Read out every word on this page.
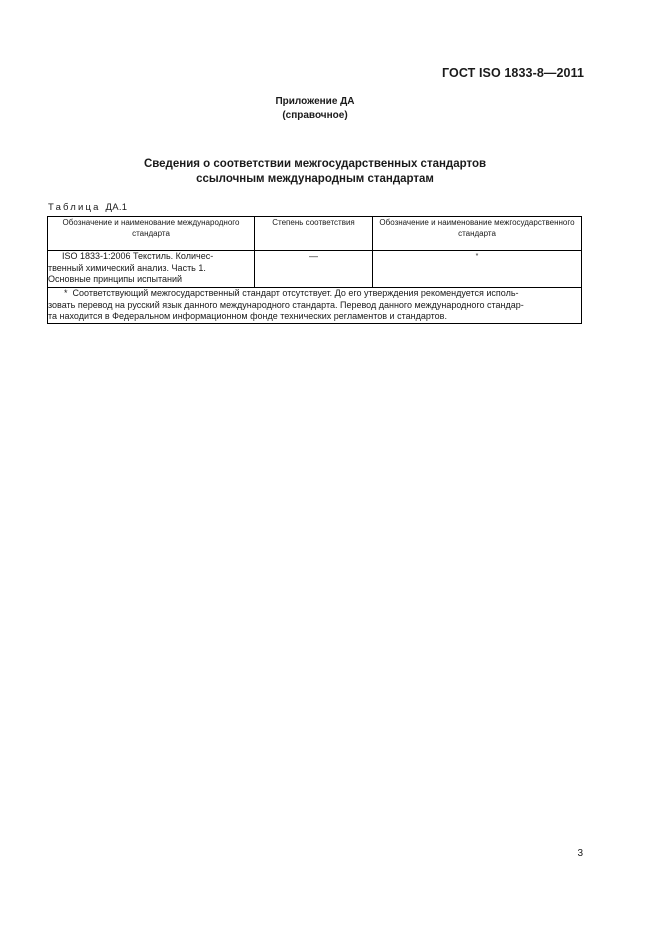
ГОСТ ISO 1833-8—2011
Приложение ДА
(справочное)
Сведения о соответствии межгосударственных стандартов
ссылочным международным стандартам
Таблица ДА.1
Обозначение и наименование международного стандарта	Степень соответствия	Обозначение и наименование межгосударственного стандарта

ISO 1833-1:2006 Текстиль. Количес-
твенный химический анализ. Часть 1.
Основные принципы испытаний	—	*

* Соответствующий межгосударственный стандарт отсутствует. До его утверждения рекомендуется исполь-
зовать перевод на русский язык данного международного стандарта. Перевод данного международного стандар-
та находится в Федеральном информационном фонде технических регламентов и стандартов.		
3
